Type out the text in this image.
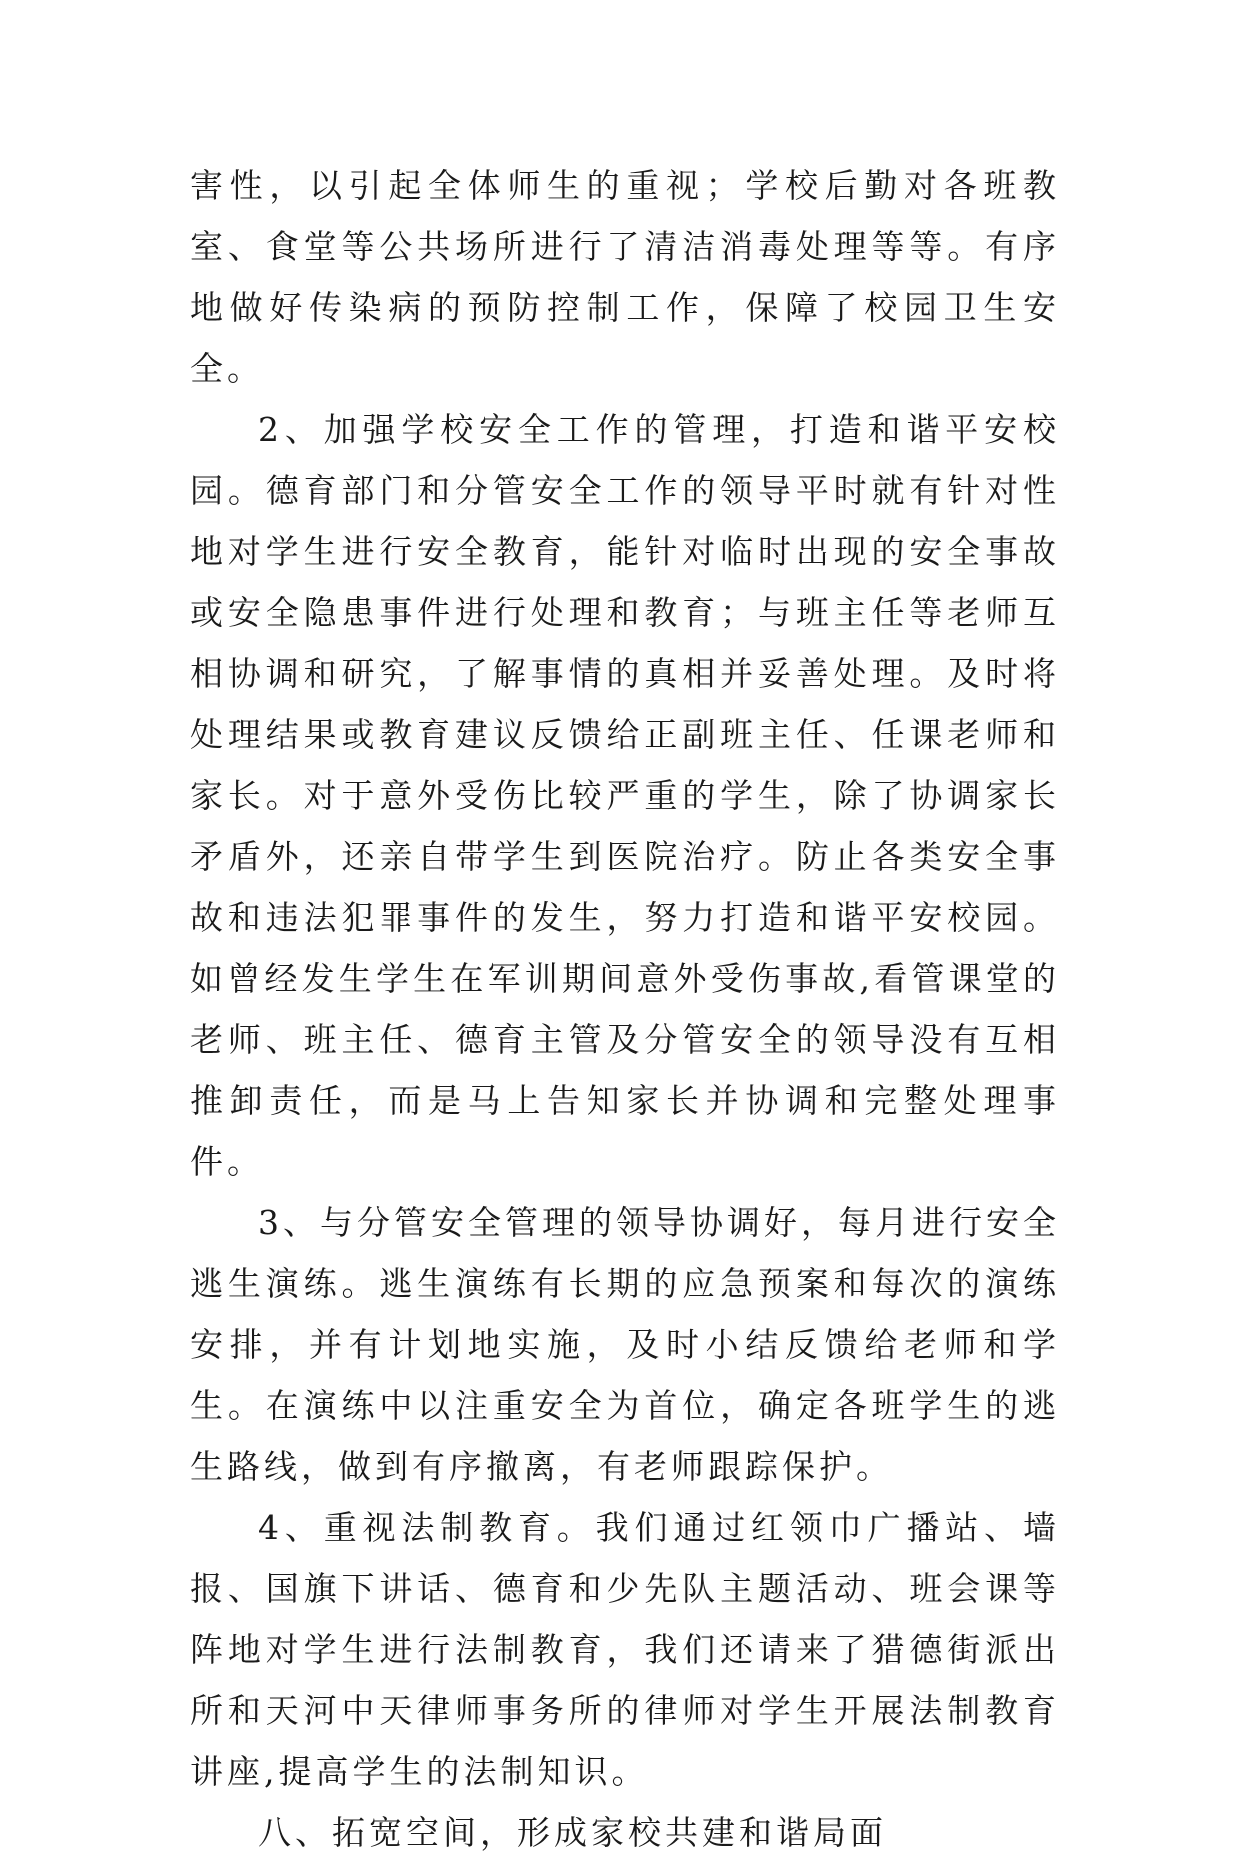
害性，以引起全体师生的重视；学校后勤对各班教室、食堂等公共场所进行了清洁消毒处理等等。有序地做好传染病的预防控制工作，保障了校园卫生安全。

2、加强学校安全工作的管理，打造和谐平安校园。德育部门和分管安全工作的领导平时就有针对性地对学生进行安全教育，能针对临时出现的安全事故或安全隐患事件进行处理和教育；与班主任等老师互相协调和研究，了解事情的真相并妥善处理。及时将处理结果或教育建议反馈给正副班主任、任课老师和家长。对于意外受伤比较严重的学生，除了协调家长矛盾外，还亲自带学生到医院治疗。防止各类安全事故和违法犯罪事件的发生，努力打造和谐平安校园。如曾经发生学生在军训期间意外受伤事故,看管课堂的老师、班主任、德育主管及分管安全的领导没有互相推卸责任，而是马上告知家长并协调和完整处理事件。

3、与分管安全管理的领导协调好，每月进行安全逃生演练。逃生演练有长期的应急预案和每次的演练安排，并有计划地实施，及时小结反馈给老师和学生。在演练中以注重安全为首位，确定各班学生的逃生路线，做到有序撤离，有老师跟踪保护。

4、重视法制教育。我们通过红领巾广播站、墙报、国旗下讲话、德育和少先队主题活动、班会课等阵地对学生进行法制教育，我们还请来了猎德街派出所和天河中天律师事务所的律师对学生开展法制教育讲座,提高学生的法制知识。

八、拓宽空间，形成家校共建和谐局面
